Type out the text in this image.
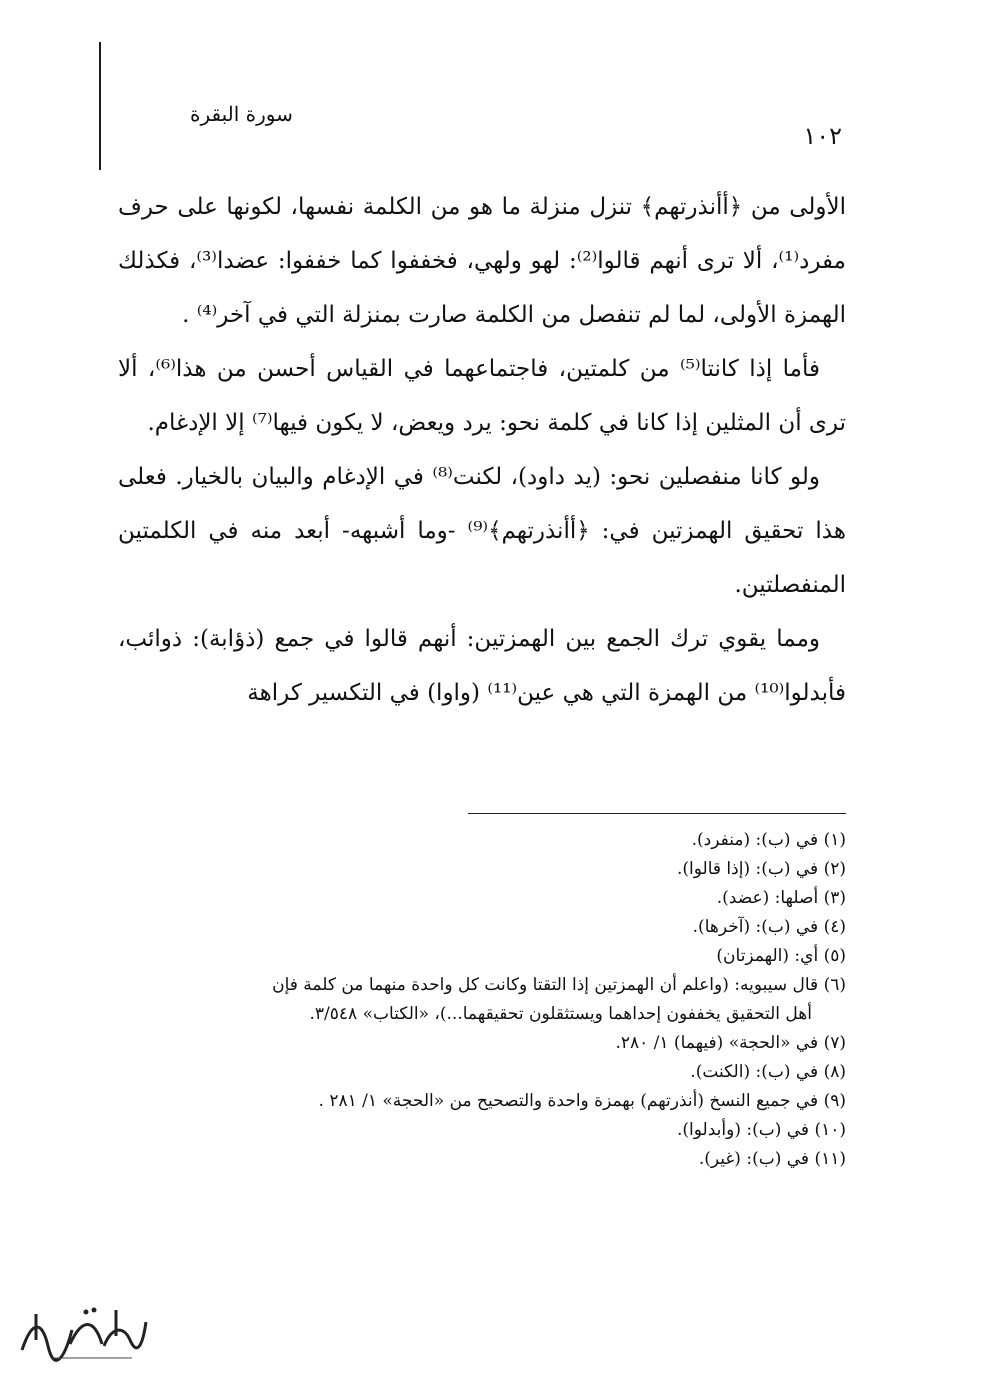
سورة البقرة
١٠٢

الأولى من ﴿أأنذرتهم﴾ تنزل منزلة ما هو من الكلمة نفسها، لكونها على حرف مفرد⁽¹⁾، ألا ترى أنهم قالوا⁽²⁾: لهو ولهي، فخففوا كما خففوا: عضدا⁽³⁾، فكذلك الهمزة الأولى، لما لم تنفصل من الكلمة صارت بمنزلة التي في آخر⁽⁴⁾ .

فأما إذا كانتا⁽⁵⁾ من كلمتين، فاجتماعهما في القياس أحسن من هذا⁽⁶⁾، ألا ترى أن المثلين إذا كانا في كلمة نحو: يرد ويعض، لا يكون فيها⁽⁷⁾ إلا الإدغام.

ولو كانا منفصلين نحو: (يد داود)، لكنت⁽⁸⁾ في الإدغام والبيان بالخيار. فعلى هذا تحقيق الهمزتين في: ﴿أأنذرتهم﴾⁽⁹⁾ -وما أشبهه- أبعد منه في الكلمتين المنفصلتين.

ومما يقوي ترك الجمع بين الهمزتين: أنهم قالوا في جمع (ذؤابة): ذوائب، فأبدلوا⁽¹⁰⁾ من الهمزة التي هي عين⁽¹¹⁾ (واوا) في التكسير كراهة

(١) في (ب): (منفرد).

(٢) في (ب): (إذا قالوا).

(٣) أصلها: (عضد).

(٤) في (ب): (آخرها).

(٥) أي: (الهمزتان)

(٦) قال سيبويه: (واعلم أن الهمزتين إذا التقتا وكانت كل واحدة منهما من كلمة فإن
أهل التحقيق يخففون إحداهما ويستثقلون تحقيقهما...)، «الكتاب» ٣/٥٤٨.

(٧) في «الحجة» (فيهما) ١/ ٢٨٠.

(٨) في (ب): (الكنت).

(٩) في جميع النسخ (أنذرتهم) بهمزة واحدة والتصحيح من «الحجة» ١/ ٢٨١ .

(١٠) في (ب): (وأبدلوا).

(١١) في (ب): (غير).
